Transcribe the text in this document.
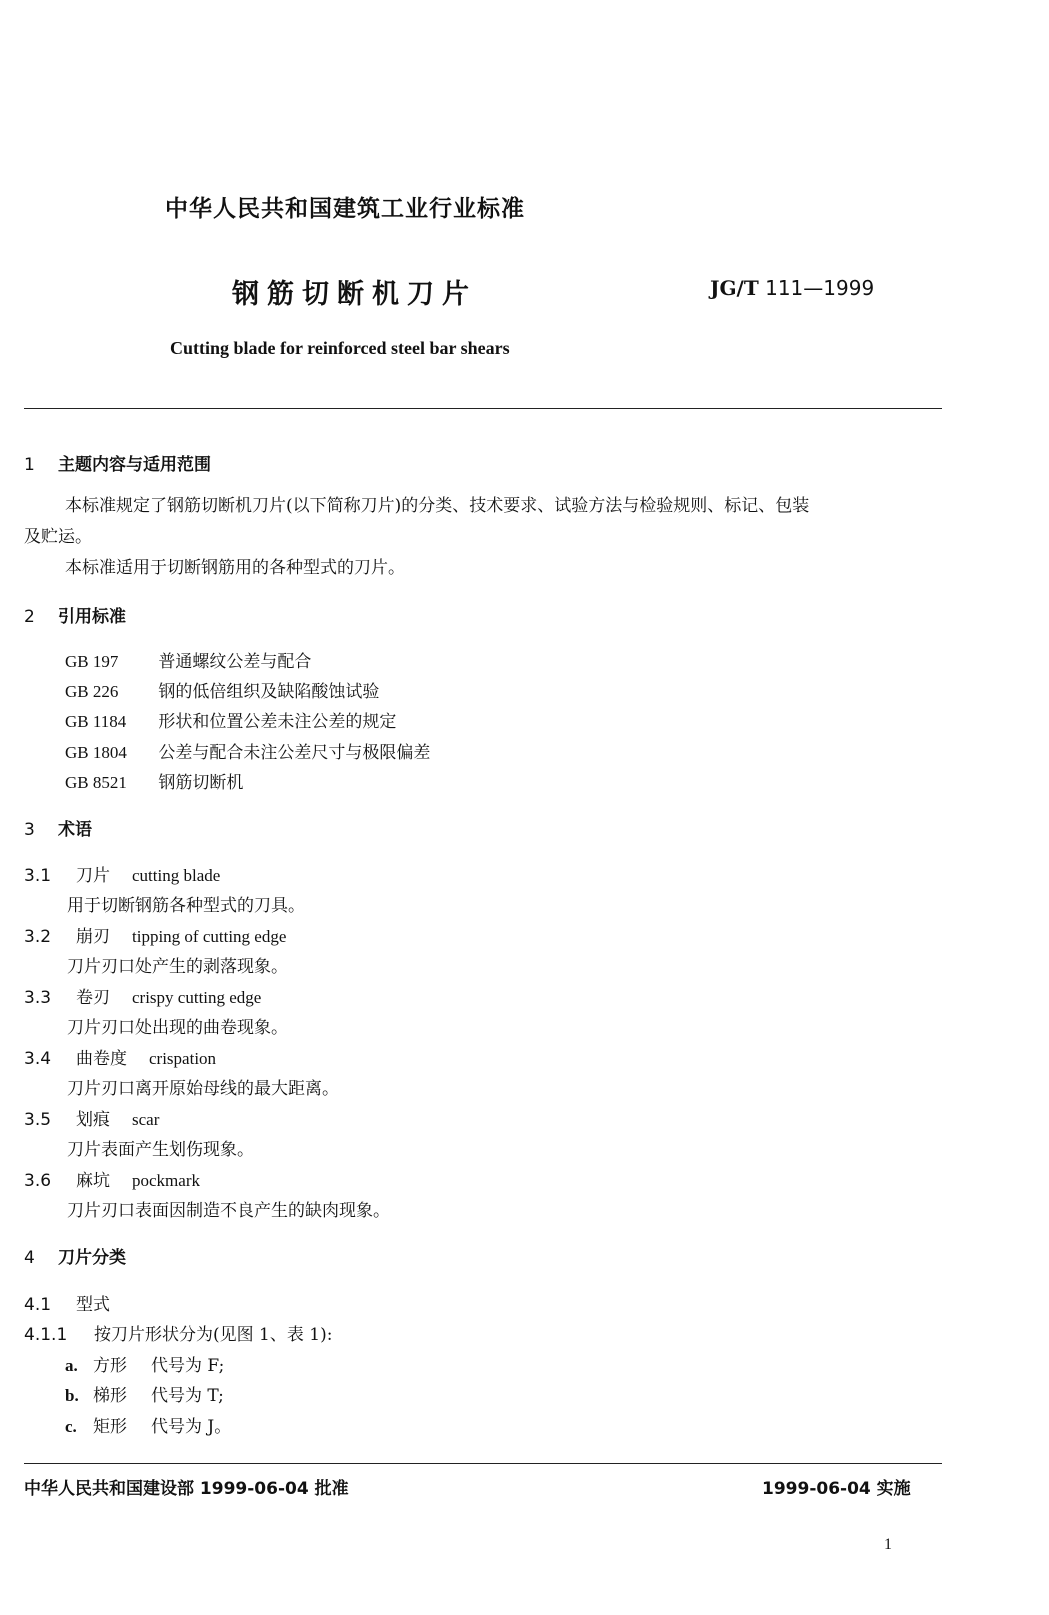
中华人民共和国建筑工业行业标准
钢筋切断机刀片	JG/T 111—1999
Cutting blade for reinforced steel bar shears
1 主题内容与适用范围
本标准规定了钢筋切断机刀片(以下简称刀片)的分类、技术要求、试验方法与检验规则、标记、包装
及贮运。
本标准适用于切断钢筋用的各种型式的刀片。
2 引用标准
GB 197 普通螺纹公差与配合
GB 226 钢的低倍组织及缺陷酸蚀试验
GB 1184 形状和位置公差未注公差的规定
GB 1804 公差与配合未注公差尺寸与极限偏差
GB 8521 钢筋切断机
3 术语
3.1 刀片 cutting blade
用于切断钢筋各种型式的刀具。
3.2 崩刃 tipping of cutting edge
刀片刃口处产生的剥落现象。
3.3 卷刃 crispy cutting edge
刀片刃口处出现的曲卷现象。
3.4 曲卷度 crispation
刀片刃口离开原始母线的最大距离。
3.5 划痕 scar
刀片表面产生划伤现象。
3.6 麻坑 pockmark
刀片刃口表面因制造不良产生的缺肉现象。
4 刀片分类
4.1 型式
4.1.1 按刀片形状分为(见图 1、表 1):
a. 方形 代号为 F;
b. 梯形 代号为 T;
c. 矩形 代号为 J。
中华人民共和国建设部 1999-06-04 批准	1999-06-04 实施
1
